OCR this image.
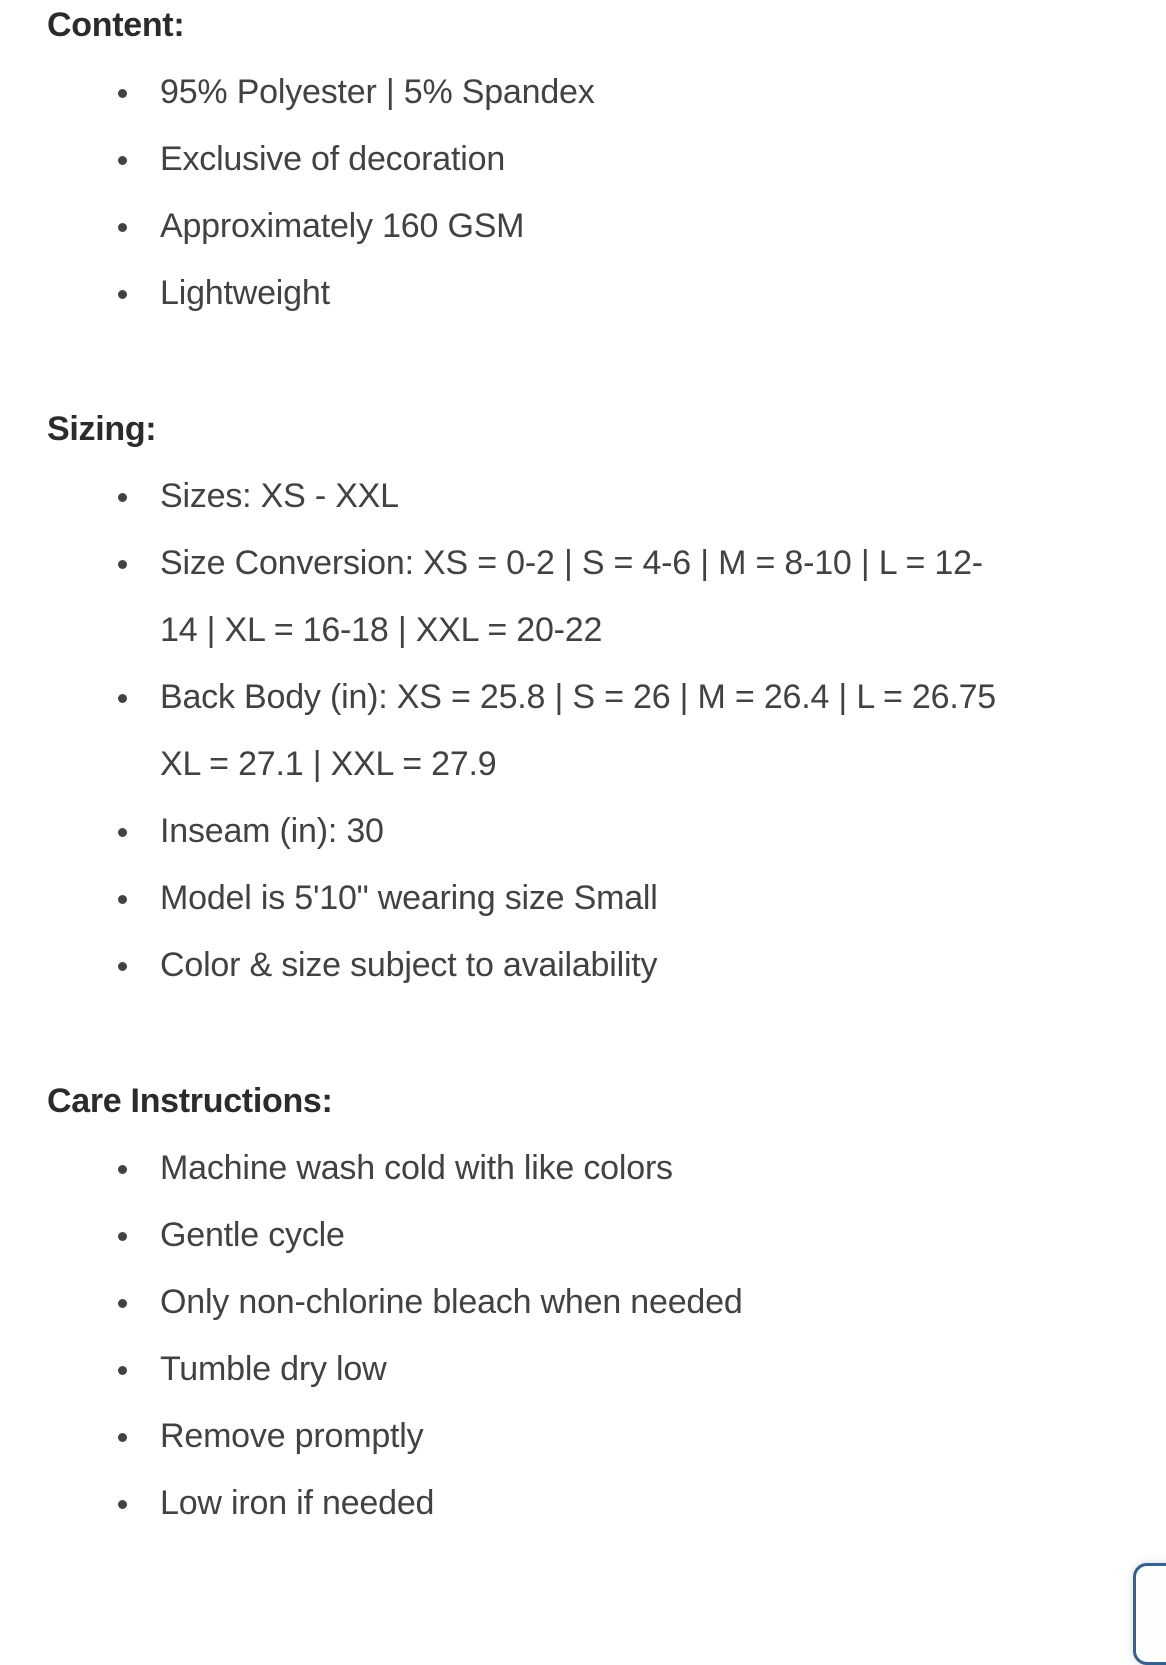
Content:

95% Polyester | 5% Spandex
Exclusive of decoration
Approximately 160 GSM
Lightweight

Sizing:

Sizes: XS - XXL
Size Conversion: XS = 0-2 | S = 4-6 | M = 8-10 | L = 12-
14 | XL = 16-18 | XXL = 20-22
Back Body (in): XS = 25.8 | S = 26 | M = 26.4 | L = 26.75
XL = 27.1 | XXL = 27.9
Inseam (in): 30
Model is 5'10" wearing size Small
Color & size subject to availability

Care Instructions:

Machine wash cold with like colors
Gentle cycle
Only non-chlorine bleach when needed
Tumble dry low
Remove promptly
Low iron if needed
